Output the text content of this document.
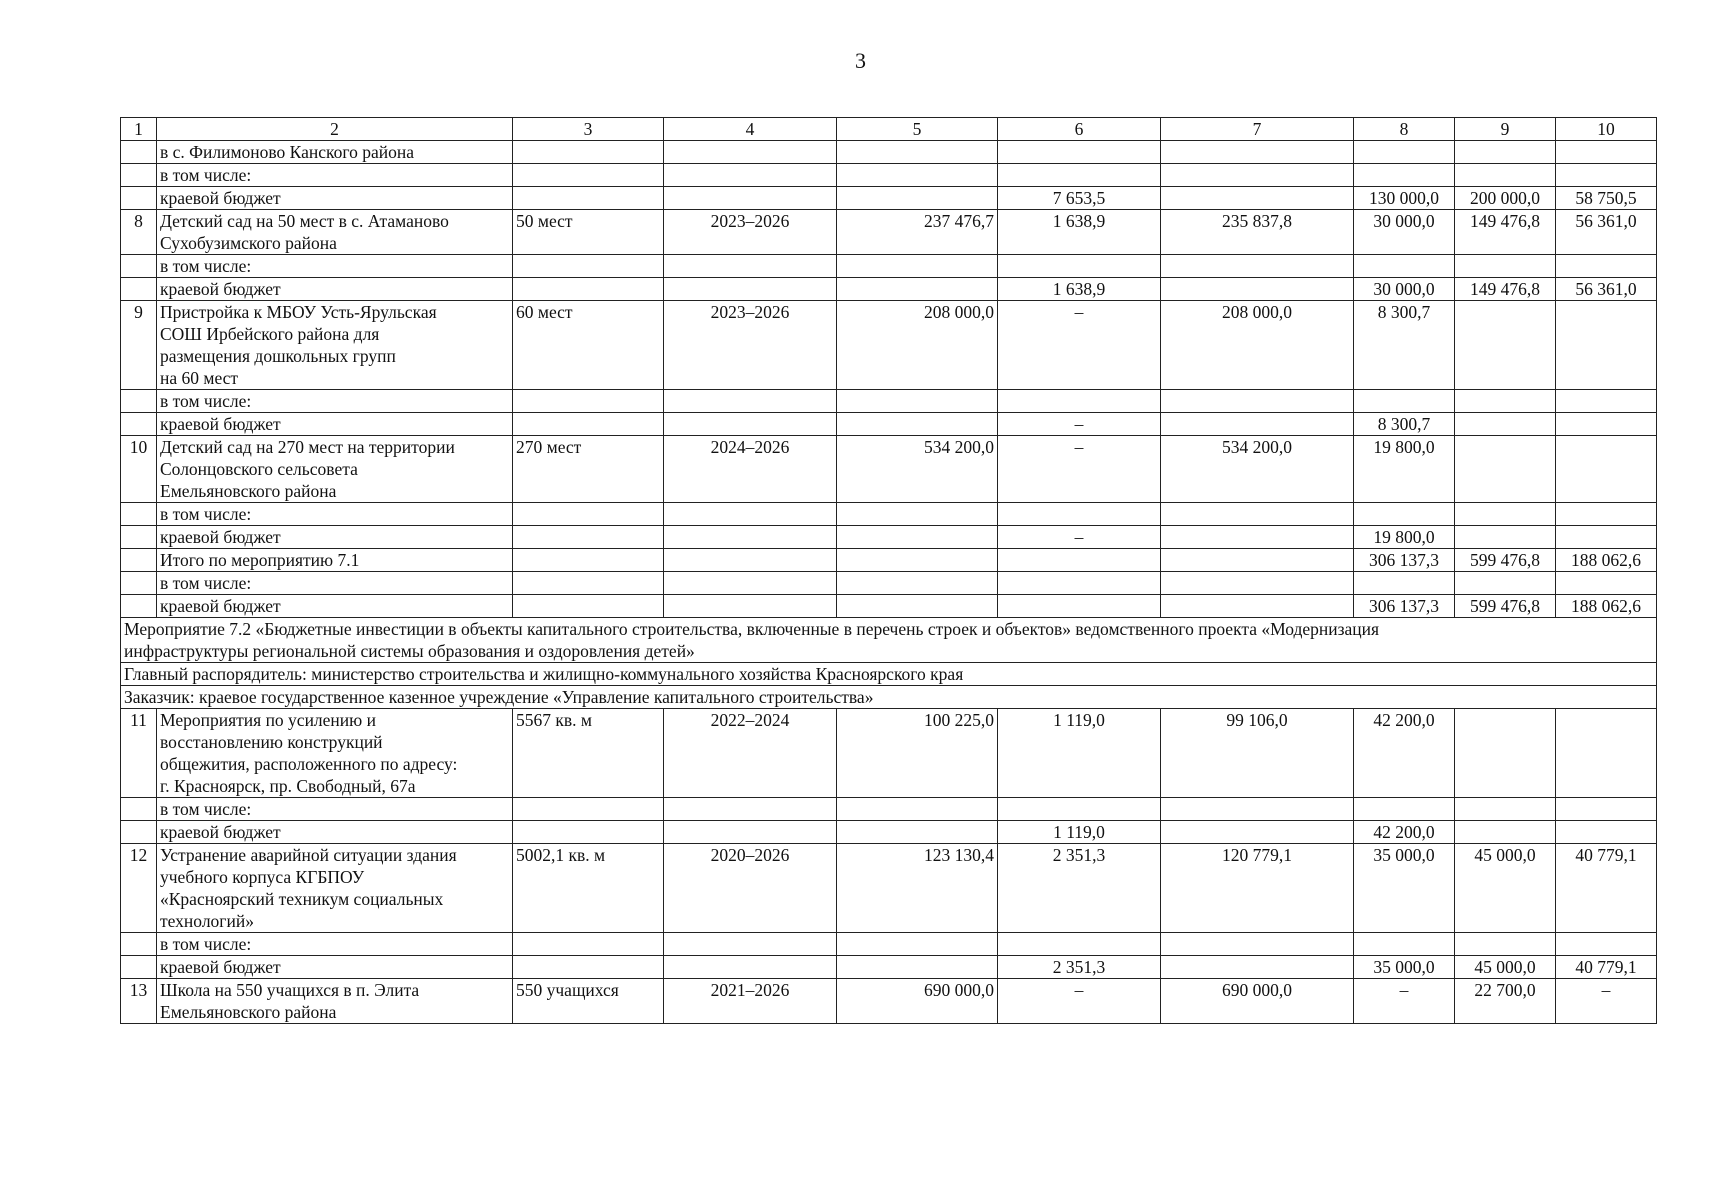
3
1	2	3	4	5	6	7	8	9	10
	в с. Филимоново Канского района								
	в том числе:								
	краевой бюджет				7 653,5		130 000,0	200 000,0	58 750,5
8	Детский сад на 50 мест в с. Атаманово
Сухобузимского района	50 мест	2023–2026	237 476,7	1 638,9	235 837,8	30 000,0	149 476,8	56 361,0
	в том числе:								
	краевой бюджет				1 638,9		30 000,0	149 476,8	56 361,0
9	Пристройка к МБОУ Усть-Ярульская
СОШ Ирбейского района для
размещения дошкольных групп
на 60 мест	60 мест	2023–2026	208 000,0	–	208 000,0	8 300,7		
	в том числе:								
	краевой бюджет				–		8 300,7		
10	Детский сад на 270 мест на территории
Солонцовского сельсовета
Емельяновского района	270 мест	2024–2026	534 200,0	–	534 200,0	19 800,0		
	в том числе:								
	краевой бюджет				–		19 800,0		
	Итого по мероприятию 7.1						306 137,3	599 476,8	188 062,6
	в том числе:								
	краевой бюджет						306 137,3	599 476,8	188 062,6
Мероприятие 7.2 «Бюджетные инвестиции в объекты капитального строительства, включенные в перечень строек и объектов» ведомственного проекта «Модернизация
инфраструктуры региональной системы образования и оздоровления детей»									
Главный распорядитель: министерство строительства и жилищно-коммунального хозяйства Красноярского края									
Заказчик: краевое государственное казенное учреждение «Управление капитального строительства»									
11	Мероприятия по усилению и
восстановлению конструкций
общежития, расположенного по адресу:
г. Красноярск, пр. Свободный, 67а	5567 кв. м	2022–2024	100 225,0	1 119,0	99 106,0	42 200,0		
	в том числе:								
	краевой бюджет				1 119,0		42 200,0		
12	Устранение аварийной ситуации здания
учебного корпуса КГБПОУ
«Красноярский техникум социальных
технологий»	5002,1 кв. м	2020–2026	123 130,4	2 351,3	120 779,1	35 000,0	45 000,0	40 779,1
	в том числе:								
	краевой бюджет				2 351,3		35 000,0	45 000,0	40 779,1
13	Школа на 550 учащихся в п. Элита
Емельяновского района	550 учащихся	2021–2026	690 000,0	–	690 000,0	–	22 700,0	–
